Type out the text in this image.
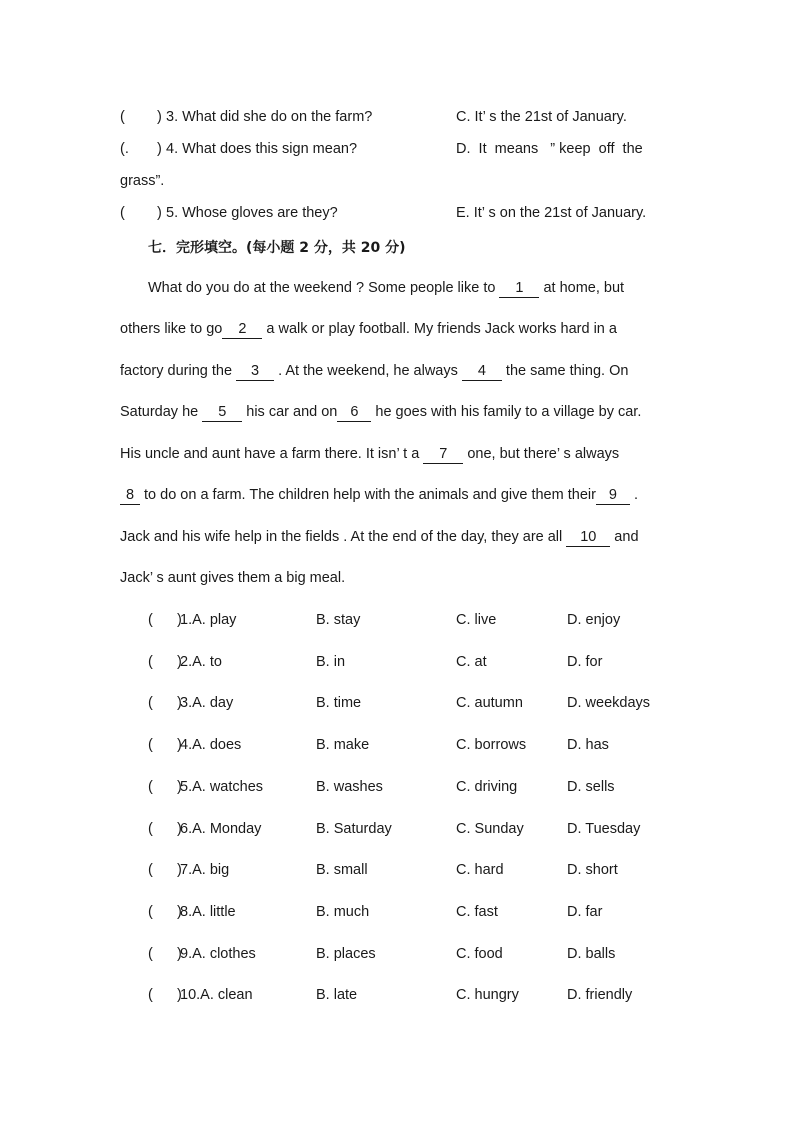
(        ) 3. What did she do on the farm?	C. It’ s the 21st of January.
(.       ) 4. What does this sign mean?	D.  It  means   ” keep  off  the
grass”.
(        ) 5. Whose gloves are they?	E. It’ s on the 21st of January.
七．完形填空。(每小题 2 分，共 20 分)
What do you do at the weekend ? Some people like to 1 at home, but
others like to go 2 a walk or play football. My friends Jack works hard in a
factory during the 3 . At the weekend, he always 4 the same thing. On
Saturday he 5 his car and on 6 he goes with his family to a village by car.
His uncle and aunt have a farm there. It isn’ t a 7 one, but there’ s always
8 to do on a farm. The children help with the animals and give them their 9 .
Jack and his wife help in the fields . At the end of the day, they are all 10 and
Jack’ s aunt gives them a big meal.
(      )
1.A. play	B. stay	C. live	D. enjoy
(      )
2.A. to	B. in	C. at	D. for
(      )
3.A. day	B. time	C. autumn	D. weekdays
(      )
4.A. does	B. make	C. borrows	D. has
(      )
5.A. watches	B. washes	C. driving	D. sells
(      )
6.A. Monday	B. Saturday	C. Sunday	D. Tuesday
(      )
7.A. big	B. small	C. hard	D. short
(      )
8.A. little	B. much	C. fast	D. far
(      )
9.A. clothes	B. places	C. food	D. balls
(      )
10.A. clean	B. late	C. hungry	D. friendly
